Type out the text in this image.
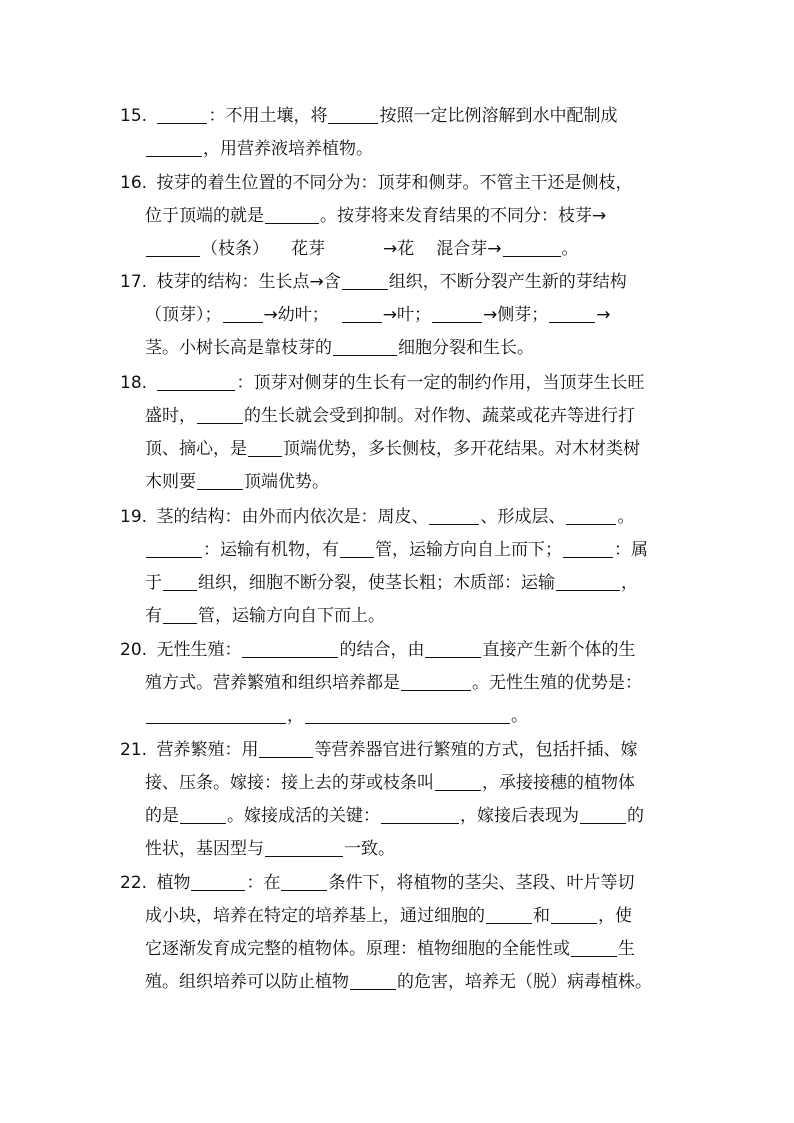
15.	：不用土壤，将	按照一定比例溶解到水中配制成
，用营养液培养植物。
16. 按芽的着生位置的不同分为：顶芽和侧芽。不管主干还是侧枝，
位于顶端的就是	。按芽将来发育结果的不同分：枝芽→
（枝条） 花芽	→花 混合芽→	。
17. 枝芽的结构：生长点→含	组织，不断分裂产生新的芽结构
（顶芽）； →幼叶；	→叶；	→侧芽；	→
茎。小树长高是靠枝芽的	细胞分裂和生长。
18.	：顶芽对侧芽的生长有一定的制约作用，当顶芽生长旺
盛时，	的生长就会受到抑制。对作物、蔬菜或花卉等进行打
顶、摘心，是 顶端优势，多长侧枝，多开花结果。对木材类树
木则要	顶端优势。
19. 茎的结构：由外而内依次是：周皮、	、形成层、	。
：运输有机物，有 管，运输方向自上而下；	：属
于 组织，细胞不断分裂，使茎长粗；木质部：运输	，
有 管，运输方向自下而上。
20. 无性生殖：	的结合，由	直接产生新个体的生
殖方式。营养繁殖和组织培养都是	。无性生殖的优势是：
，	。
21. 营养繁殖：用	等营养器官进行繁殖的方式，包括扦插、嫁
接、压条。嫁接：接上去的芽或枝条叫	，承接接穗的植物体
的是	。嫁接成活的关键：	，嫁接后表现为	的
性状，基因型与	一致。
22. 植物	：在	条件下，将植物的茎尖、茎段、叶片等切
成小块，培养在特定的培养基上，通过细胞的	和	，使
它逐渐发育成完整的植物体。原理：植物细胞的全能性或	生
殖。组织培养可以防止植物	的危害，培养无（脱）病毒植株。
